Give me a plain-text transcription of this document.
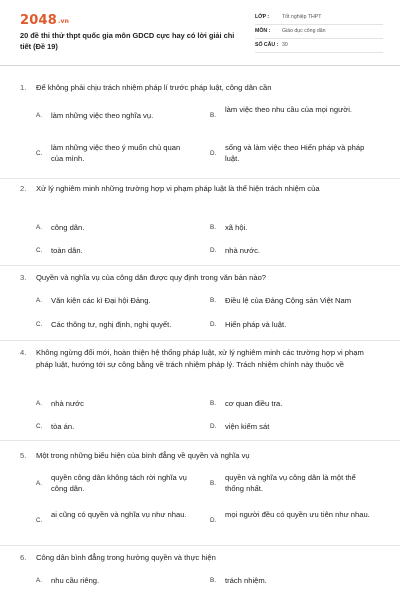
2048.vn
20 đề thi thử thpt quốc gia môn GDCD cực hay có lời giải chi tiết (Đề 19)
LỚP :	Tốt nghiệp THPT
MÔN :	Giáo dục công dân
SỐ CÂU : 30
1.	Để không phải chịu trách nhiệm pháp lí trước pháp luật, công dân cần
A. làm những việc theo nghĩa vụ.	B.
làm việc theo nhu cầu của mọi người.
C.
làm những việc theo ý muốn chủ quan của mình.
D.
sống và làm việc theo Hiến pháp và pháp luật.
2.	Xử lý nghiêm minh những trường hợp vi phạm pháp luật là thể hiện trách nhiệm của
A. công dân.	B. xã hội.
C. toàn dân.	D. nhà nước.
3.	Quyền và nghĩa vụ của công dân được quy định trong văn bản nào?
A. Văn kiện các kì Đại hội Đảng.	B. Điều lệ của Đảng Cộng sản Việt Nam
C. Các thông tư, nghị định, nghị quyết.	D. Hiến pháp và luật.
4.	Không ngừng đổi mới, hoàn thiện hệ thống pháp luật, xử lý nghiêm minh các trường hợp vi phạm pháp luật, hướng tới sự công bằng về trách nhiệm pháp lý. Trách nhiệm chính này thuộc về
A. nhà nước	B. cơ quan điều tra.
C. tòa án.	D. viện kiểm sát
5.	Một trong những biểu hiện của bình đẳng về quyền và nghĩa vụ
A.
quyền công dân không tách rời nghĩa vụ công dân.
B.
quyền và nghĩa vụ công dân là một thể thống nhất.
C.
ai cũng có quyền và nghĩa vụ như nhau.
D.
mọi người đều có quyền ưu tiên như nhau.
6.	Công dân bình đẳng trong hưởng quyền và thực hiện
A. nhu cầu riêng.	B. trách nhiệm.
